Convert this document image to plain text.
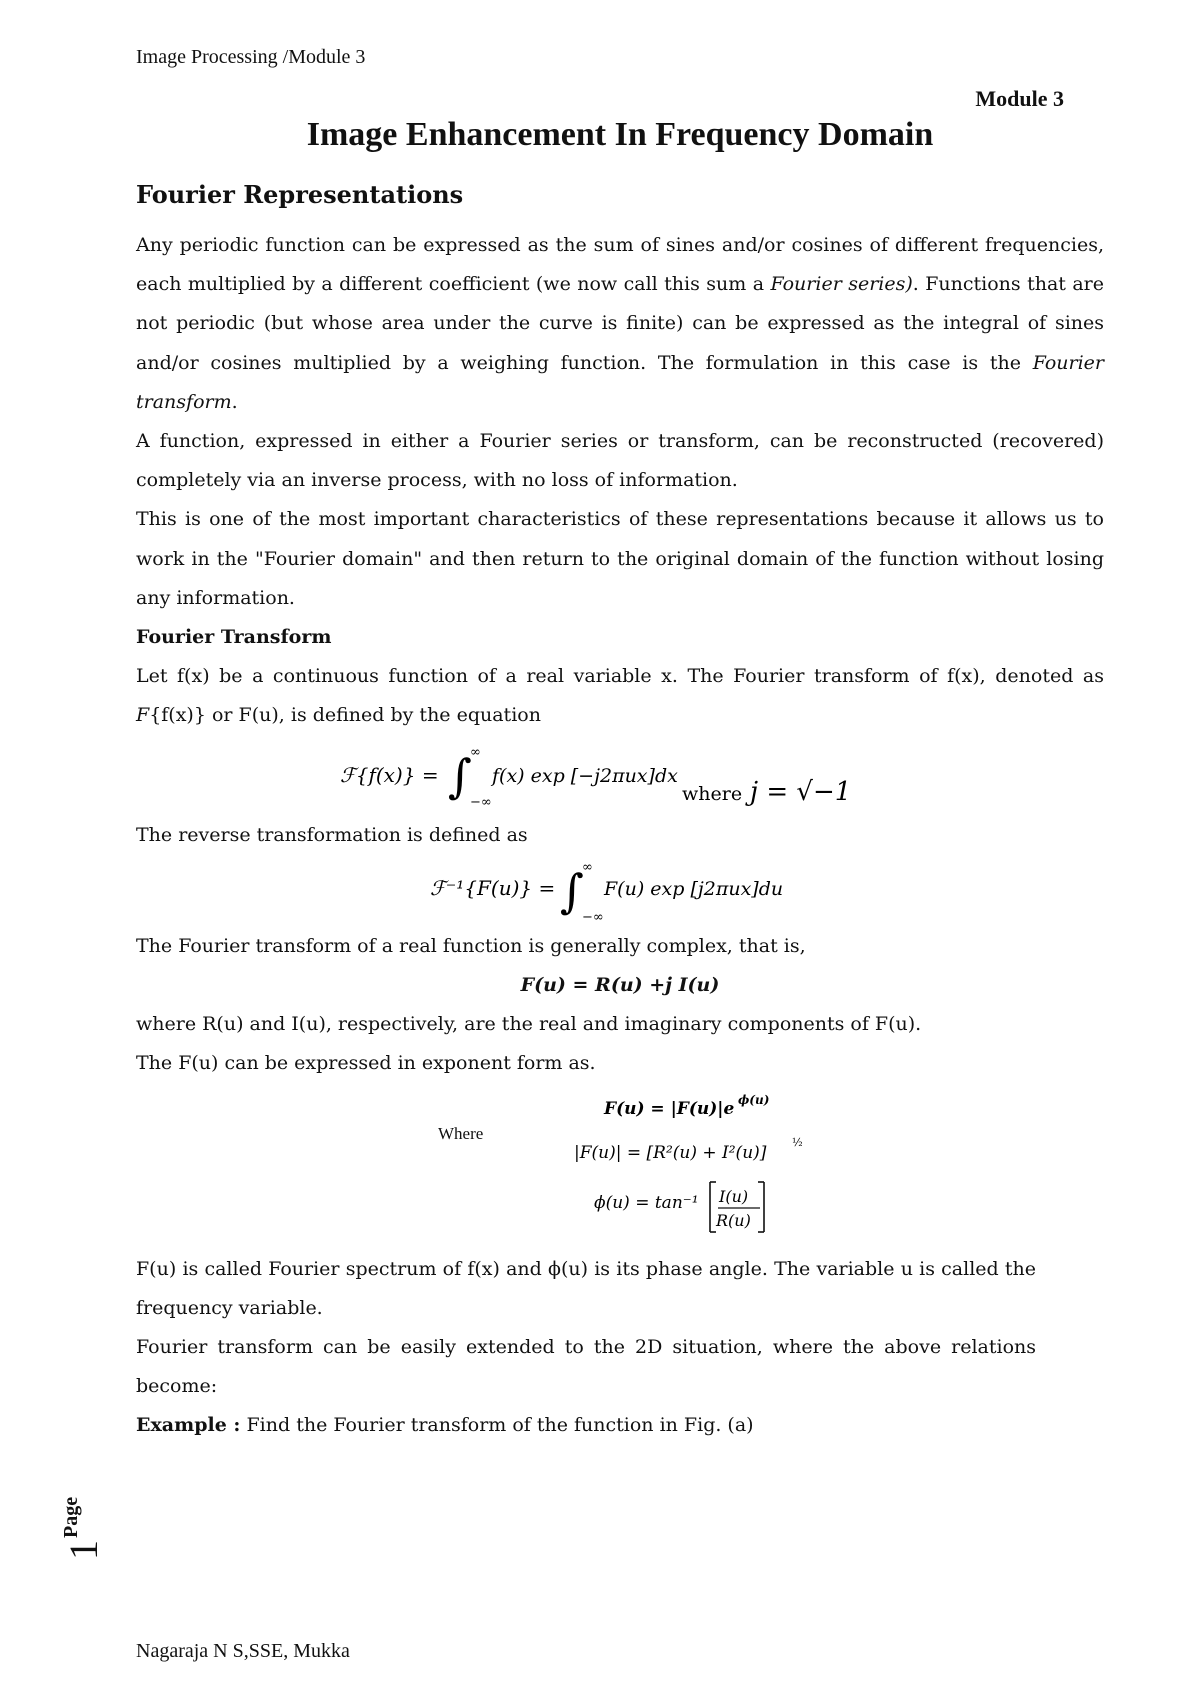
Image Processing /Module 3
Module 3
Image Enhancement In Frequency Domain
Fourier Representations

Any periodic function can be expressed as the sum of sines and/or cosines of different frequencies, each multiplied by a different coefficient (we now call this sum a Fourier series). Functions that are not periodic (but whose area under the curve is finite) can be expressed as the integral of sines and/or cosines multiplied by a weighing function. The formulation in this case is the Fourier transform.

A function, expressed in either a Fourier series or transform, can be reconstructed (recovered) completely via an inverse process, with no loss of information.

This is one of the most important characteristics of these representations because it allows us to work in the "Fourier domain" and then return to the original domain of the function without losing any information.

Fourier Transform

Let f(x) be a continuous function of a real variable x. The Fourier transform of f(x), denoted as F{f(x)} or F(u), is defined by the equation

ℱ{f(x)} = ∫
∞
−∞
f(x) exp [−j2πux]dx
where j = √−1

The reverse transformation is defined as

ℱ⁻¹{F(u)} = ∫
∞
−∞
F(u) exp [j2πux]du

The Fourier transform of a real function is generally complex, that is,

F(u) = R(u) +j I(u)

where R(u) and I(u), respectively, are the real and imaginary components of F(u).

The F(u) can be expressed in exponent form as.

Where
F(u) = |F(u)|e ϕ(u)
|F(u)| = [R²(u) + I²(u)]
½
ϕ(u) = tan⁻¹ I(u)
R(u)

F(u) is called Fourier spectrum of f(x) and ϕ(u) is its phase angle. The variable u is called the frequency variable.

Fourier transform can be easily extended to the 2D situation, where the above relations become:

Example : Find the Fourier transform of the function in Fig. (a)

Page
1
Nagaraja N S,SSE, Mukka
